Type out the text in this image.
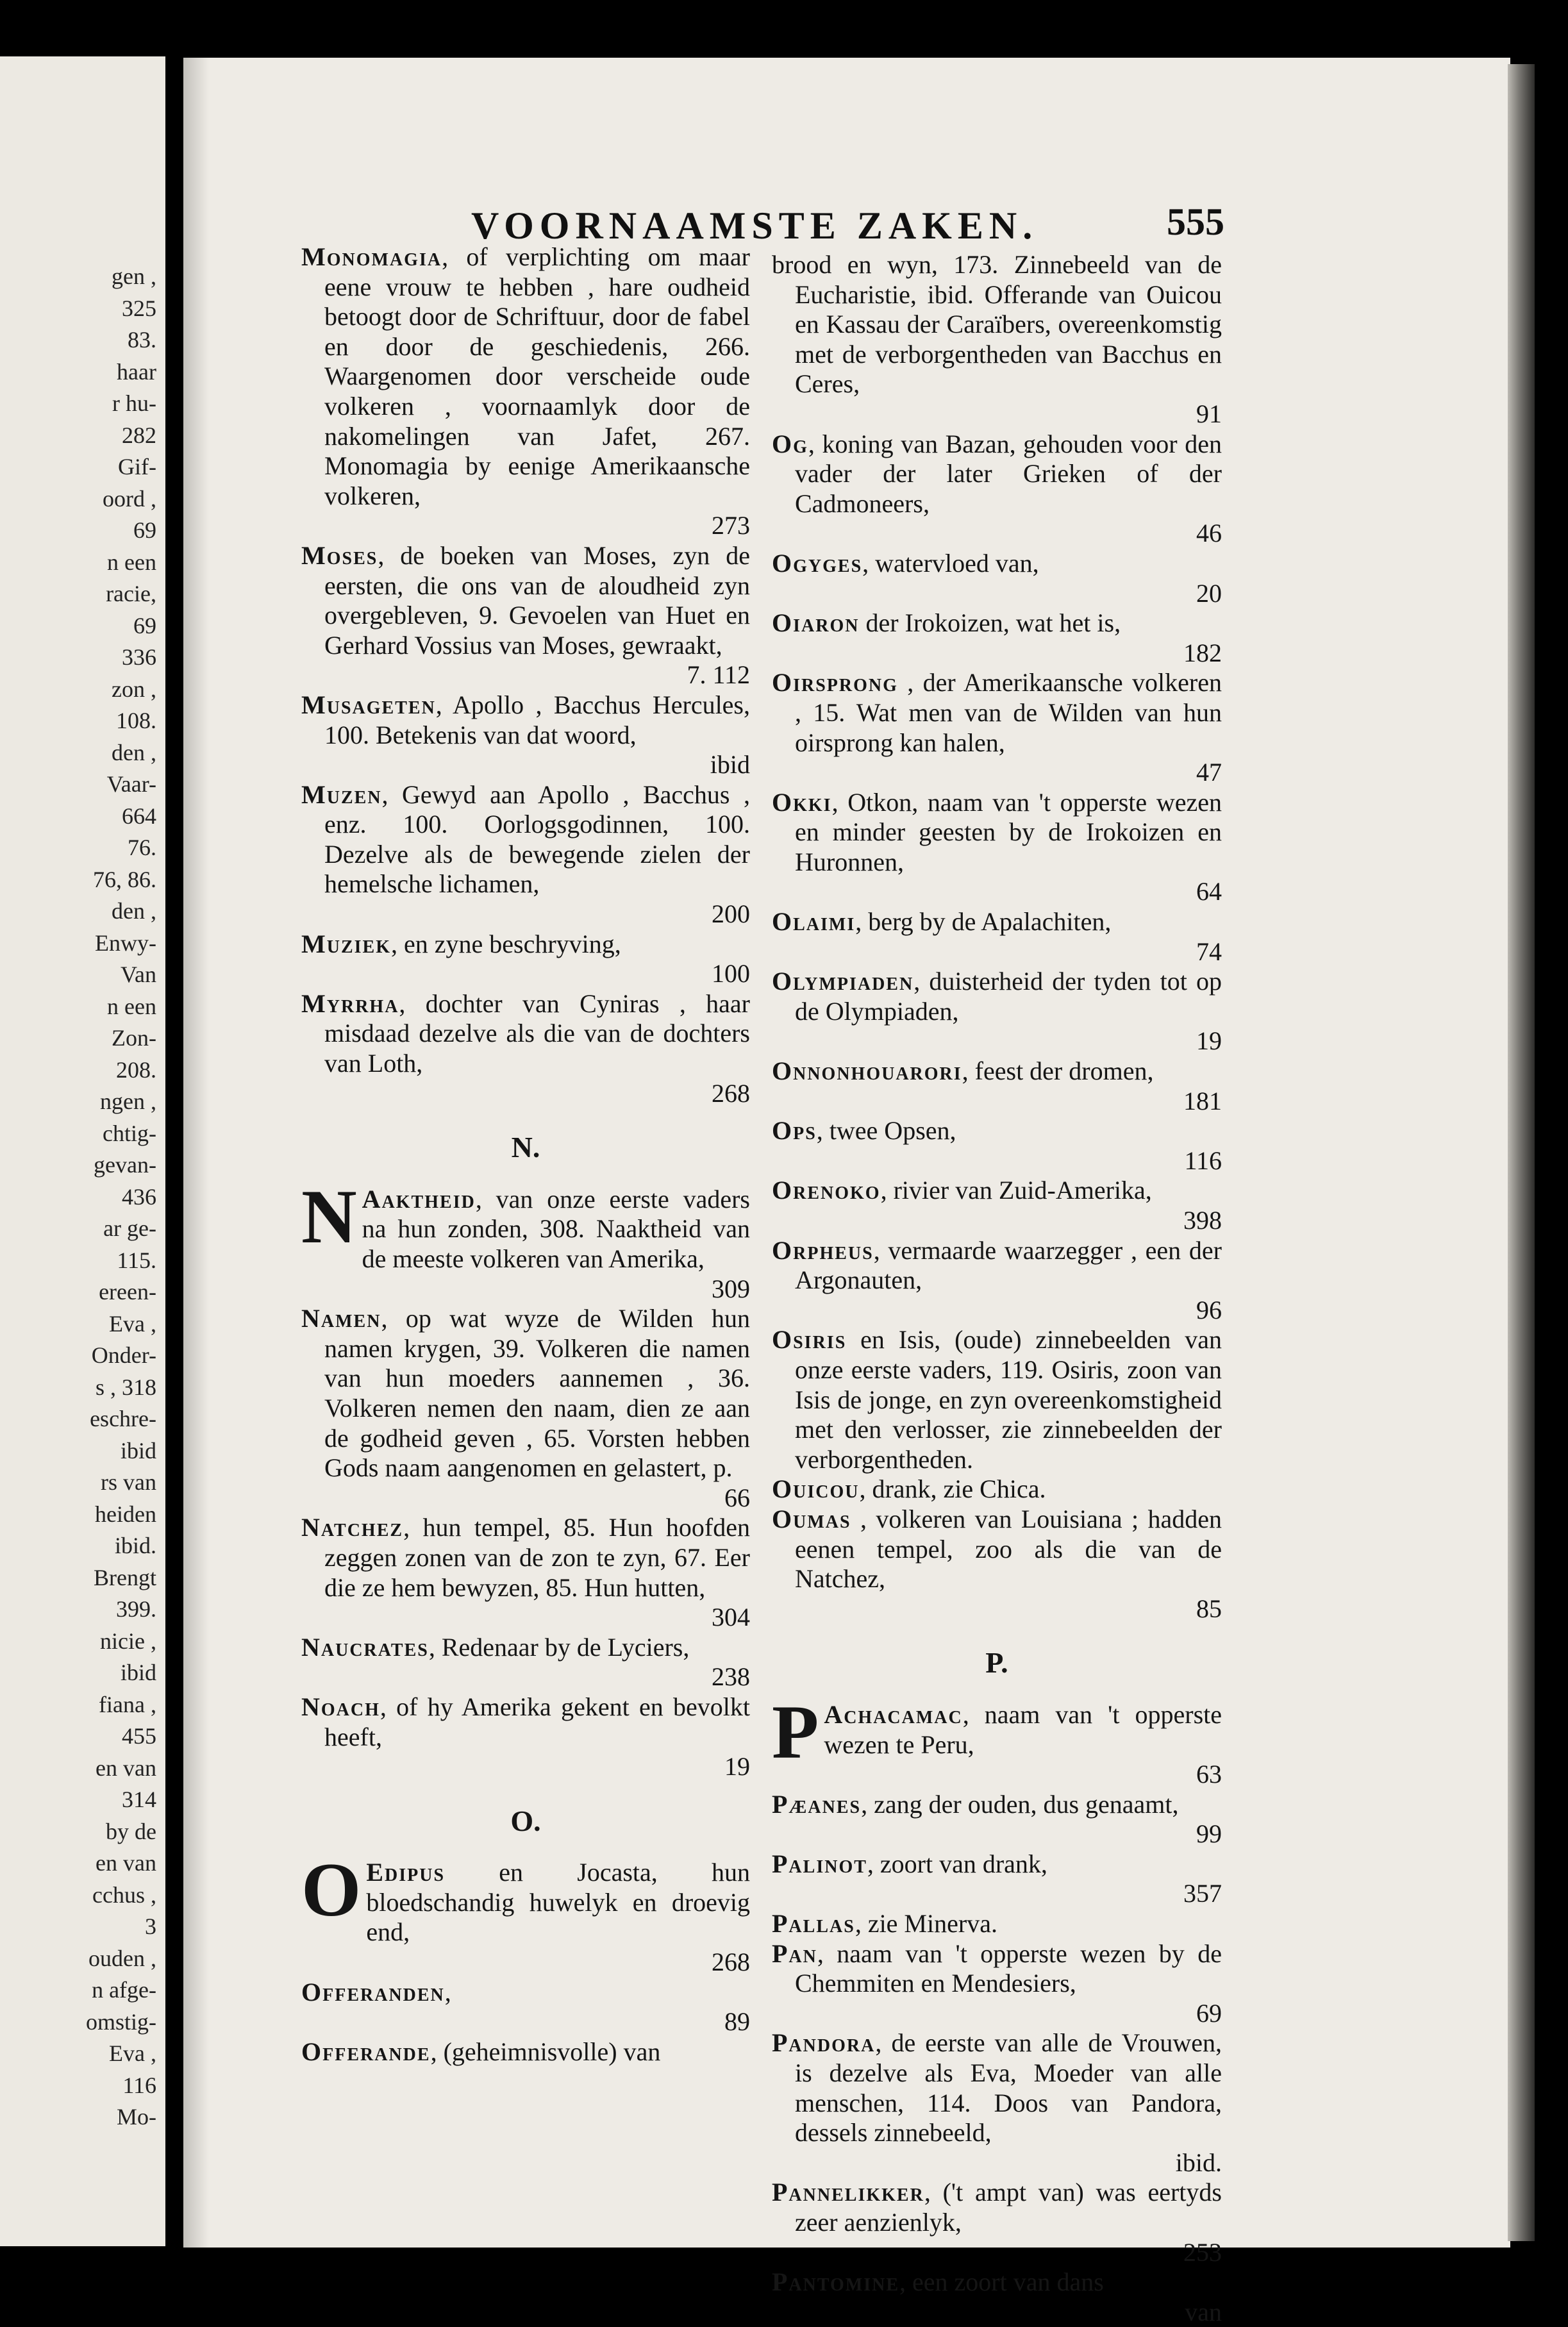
gen ,
325
83.
haar
r hu-
282
Gif-
oord ,
69
n een
racie,
69
336
zon ,
108.
den ,
Vaar-
664
76.
76, 86.
den ,
Enwy-
Van
n een
Zon-
208.
ngen ,
chtig-
gevan-
436
ar ge-
115.
ereen-
Eva ,
Onder-
s , 318
eschre-
ibid
rs van
heiden
ibid.
Brengt
399.
nicie ,
ibid
fiana ,
455
en van
314
by de
en van
cchus ,
3
ouden ,
n afge-
omstig-
Eva ,
116
Mo-
VOORNAAMSTE ZAKEN.	555

Monomagia, of verplichting om maar eene vrouw te hebben , hare oudheid betoogt door de Schriftuur, door de fabel en door de geschiedenis, 266. Waargenomen door verscheide oude volkeren , voornaamlyk door de nakomelingen van Jafet, 267. Monomagia by eenige Amerikaansche volkeren,
273

Moses, de boeken van Moses, zyn de eersten, die ons van de aloudheid zyn overgebleven, 9. Gevoelen van Huet en Gerhard Vossius van Moses, gewraakt,
7. 112

Musageten, Apollo , Bacchus Hercules, 100. Betekenis van dat woord,
ibid

Muzen, Gewyd aan Apollo , Bacchus , enz. 100. Oorlogsgodinnen, 100. Dezelve als de bewegende zielen der hemelsche lichamen,
200

Muziek, en zyne beschryving,
100

Myrrha, dochter van Cyniras , haar misdaad dezelve als die van de dochters van Loth,
268

N.

N Aaktheid, van onze eerste vaders na hun zonden, 308. Naaktheid van de meeste volkeren van Amerika,
309

Namen, op wat wyze de Wilden hun namen krygen, 39. Volkeren die namen van hun moeders aannemen , 36. Volkeren nemen den naam, dien ze aan de godheid geven , 65. Vorsten hebben Gods naam aangenomen en gelastert, p.
66

Natchez, hun tempel, 85. Hun hoofden zeggen zonen van de zon te zyn, 67. Eer die ze hem bewyzen, 85. Hun hutten,
304

Naucrates, Redenaar by de Lyciers,
238

Noach, of hy Amerika gekent en bevolkt heeft,
19

O.

O Edipus en Jocasta, hun bloedschandig huwelyk en droevig end,
268

Offeranden,
89

Offerande, (geheimnisvolle) van

brood en wyn, 173. Zinnebeeld van de Eucharistie, ibid. Offerande van Ouicou en Kassau der Caraïbers, overeenkomstig met de verborgentheden van Bacchus en Ceres,
91

Og, koning van Bazan, gehouden voor den vader der later Grieken of der Cadmoneers,
46

Ogyges, watervloed van,
20

Oiaron der Irokoizen, wat het is,
182

Oirsprong , der Amerikaansche volkeren , 15. Wat men van de Wilden van hun oirsprong kan halen,
47

Okki, Otkon, naam van 't opperste wezen en minder geesten by de Irokoizen en Huronnen,
64

Olaimi, berg by de Apalachiten,
74

Olympiaden, duisterheid der tyden tot op de Olympiaden,
19

Onnonhouarori, feest der dromen,
181

Ops, twee Opsen,
116

Orenoko, rivier van Zuid-Amerika,
398

Orpheus, vermaarde waarzegger , een der Argonauten,
96

Osiris en Isis, (oude) zinnebeelden van onze eerste vaders, 119. Osiris, zoon van Isis de jonge, en zyn overeenkomstigheid met den verlosser, zie zinnebeelden der verborgentheden.

Ouicou, drank, zie Chica.

Oumas , volkeren van Louisiana ; hadden eenen tempel, zoo als die van de Natchez,
85

P.

P Achacamac, naam van 't opperste wezen te Peru,
63

Pæanes, zang der ouden, dus genaamt,
99

Palinot, zoort van drank,
357

Pallas, zie Minerva.

Pan, naam van 't opperste wezen by de Chemmiten en Mendesiers,
69

Pandora, de eerste van alle de Vrouwen, is dezelve als Eva, Moeder van alle menschen, 114. Doos van Pandora, dessels zinnebeeld,
ibid.

Pannelikker, ('t ampt van) was eertyds zeer aenzienlyk,
253

Pantomine, een zoort van dans

van
